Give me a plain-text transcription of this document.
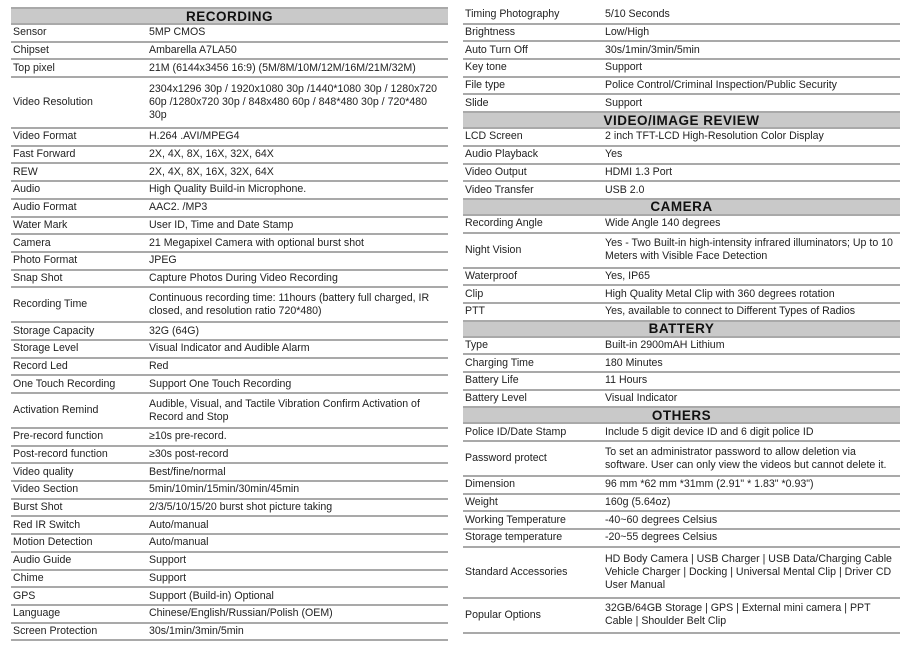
RECORDING	
Sensor	5MP CMOS
Chipset	Ambarella A7LA50
Top pixel	21M (6144x3456 16:9) (5M/8M/10M/12M/16M/21M/32M)
Video Resolution	2304x1296 30p / 1920x1080 30p /1440*1080 30p / 1280x720 60p /1280x720 30p / 848x480 60p / 848*480 30p / 720*480 30p
Video Format	H.264 .AVI/MPEG4
Fast Forward	2X, 4X, 8X, 16X, 32X, 64X
REW	2X, 4X, 8X, 16X, 32X, 64X
Audio	High Quality Build-in Microphone.
Audio Format	AAC2. /MP3
Water Mark	User ID, Time and Date Stamp
Camera	21 Megapixel Camera with optional burst shot
Photo Format	JPEG
Snap Shot	Capture Photos During Video Recording
Recording Time	Continuous recording time: 11hours (battery full charged, IR closed, and resolution ratio 720*480)
Storage Capacity	32G (64G)
Storage Level	Visual Indicator and Audible Alarm
Record Led	Red
One Touch Recording	Support One Touch Recording
Activation Remind	Audible, Visual, and Tactile Vibration Confirm Activation of Record and Stop
Pre-record function	≥10s pre-record.
Post-record function	≥30s post-record
Video quality	Best/fine/normal
Video Section	5min/10min/15min/30min/45min
Burst Shot	2/3/5/10/15/20 burst shot picture taking
Red IR Switch	Auto/manual
Motion Detection	Auto/manual
Audio Guide	Support
Chime	Support
GPS	Support (Build-in) Optional
Language	Chinese/English/Russian/Polish (OEM)
Screen Protection	30s/1min/3min/5min
Timing Photography	5/10 Seconds
Brightness	Low/High
Auto Turn Off	30s/1min/3min/5min
Key tone	Support
File type	Police Control/Criminal Inspection/Public Security
Slide	Support
VIDEO/IMAGE REVIEW	
LCD Screen	2 inch TFT-LCD High-Resolution Color Display
Audio Playback	Yes
Video Output	HDMI 1.3 Port
Video Transfer	USB 2.0
CAMERA	
Recording Angle	Wide Angle 140 degrees
Night Vision	Yes - Two Built-in high-intensity infrared illuminators; Up to 10 Meters with Visible Face Detection
Waterproof	Yes, IP65
Clip	High Quality Metal Clip with 360 degrees rotation
PTT	Yes, available to connect to Different Types of Radios
BATTERY	
Type	Built-in 2900mAH Lithium
Charging Time	180 Minutes
Battery Life	11 Hours
Battery Level	Visual Indicator
OTHERS	
Police ID/Date Stamp	Include 5 digit device ID and 6 digit police ID
Password protect	To set an administrator password to allow deletion via software. User can only view the videos but cannot delete it.
Dimension	96 mm *62 mm *31mm (2.91" * 1.83" *0.93")
Weight	160g (5.64oz)
Working Temperature	-40~60 degrees Celsius
Storage temperature	-20~55 degrees Celsius
Standard Accessories	HD Body Camera | USB Charger | USB Data/Charging Cable Vehicle Charger | Docking | Universal Mental Clip | Driver CD User Manual
Popular Options	32GB/64GB Storage | GPS | External mini camera | PPT Cable | Shoulder Belt Clip
